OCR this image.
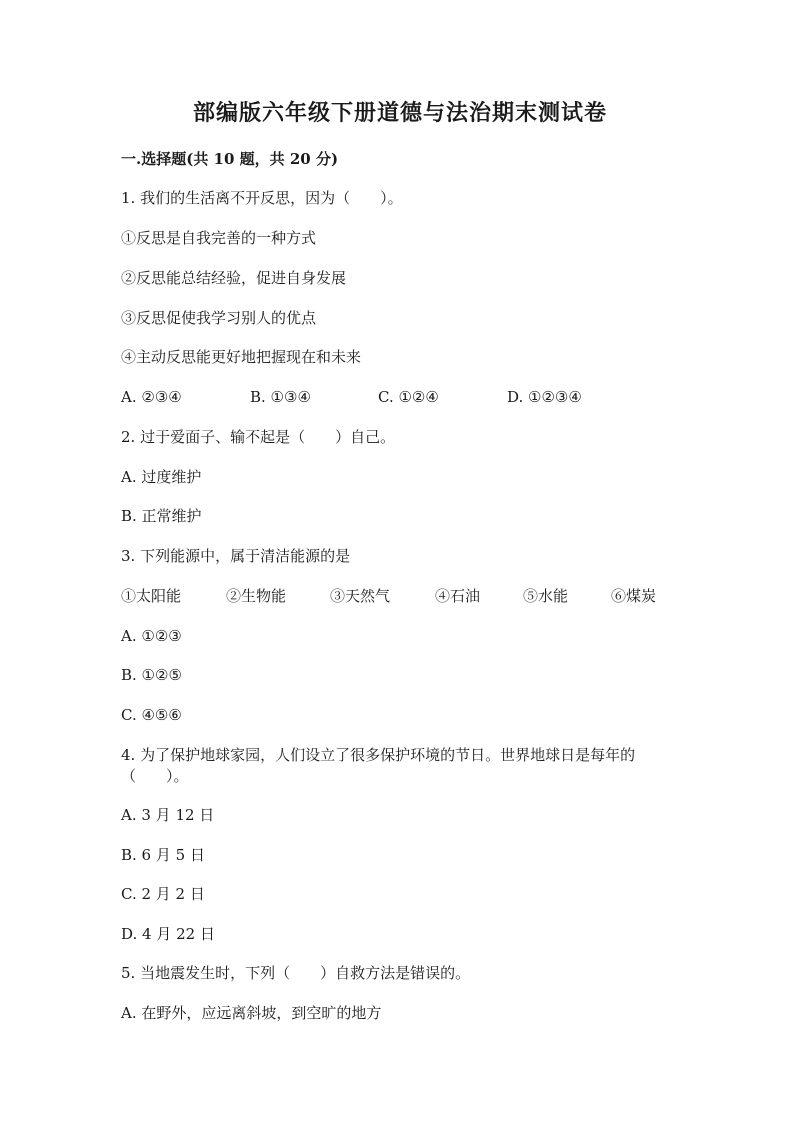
部编版六年级下册道德与法治期末测试卷
一.选择题(共 10 题，共 20 分)
1. 我们的生活离不开反思，因为（　　）。
①反思是自我完善的一种方式
②反思能总结经验，促进自身发展
③反思促使我学习别人的优点
④主动反思能更好地把握现在和未来
A. ②③④	B. ①③④	C. ①②④	D. ①②③④
2. 过于爱面子、输不起是（　　）自己。
A. 过度维护
B. 正常维护
3. 下列能源中，属于清洁能源的是
①太阳能	②生物能	③天然气	④石油	⑤水能	⑥煤炭
A. ①②③
B. ①②⑤
C. ④⑤⑥
4. 为了保护地球家园，人们设立了很多保护环境的节日。世界地球日是每年的
（　　）。
A. 3 月 12 日
B. 6 月 5 日
C. 2 月 2 日
D. 4 月 22 日
5. 当地震发生时，下列（　　）自救方法是错误的。
A. 在野外，应远离斜坡，到空旷的地方
